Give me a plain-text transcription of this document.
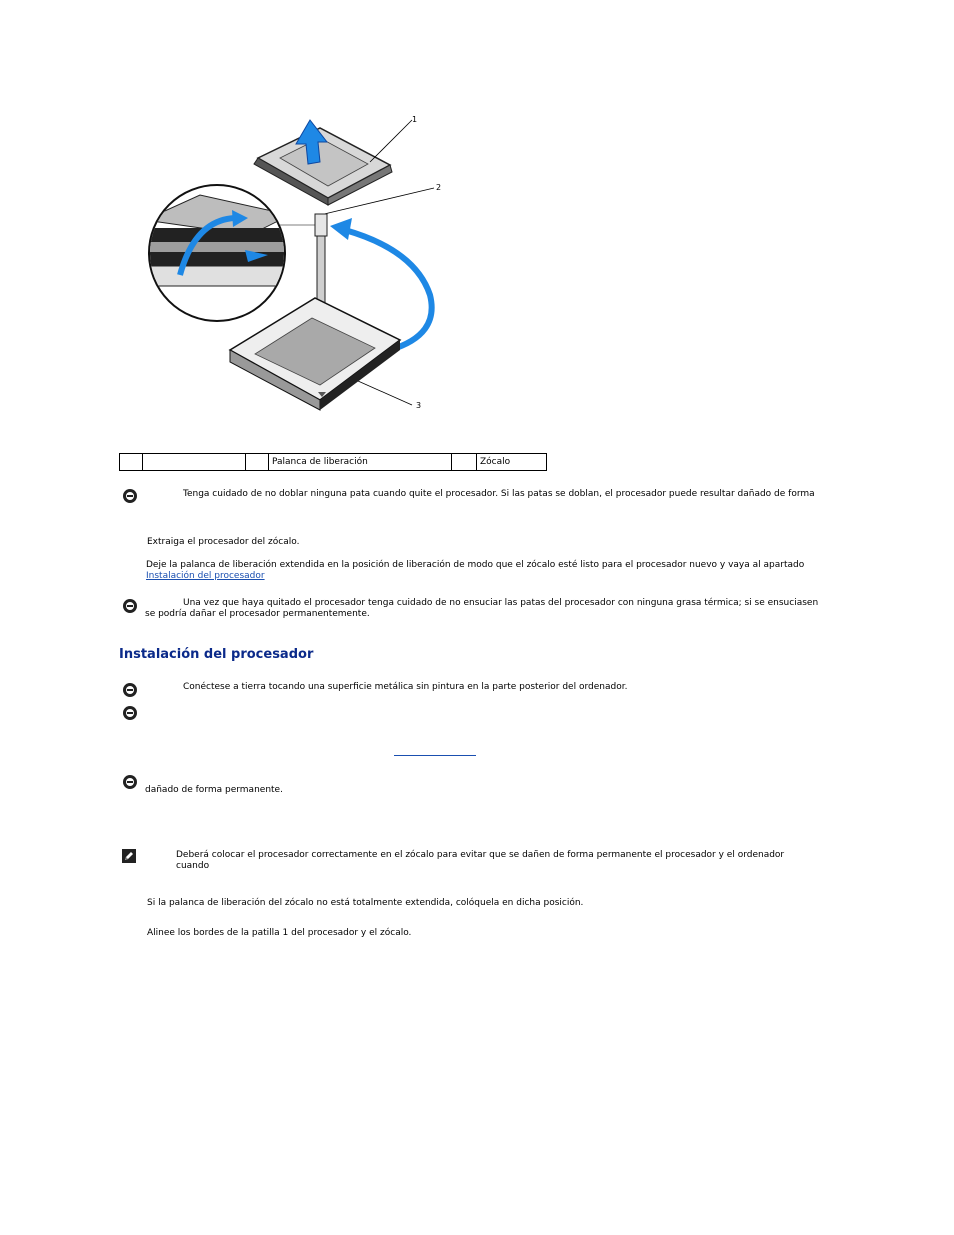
1
2
3
			Palanca de liberación		Zócalo
Tenga cuidado de no doblar ninguna pata cuando quite el procesador. Si las patas se doblan, el procesador puede resultar dañado de forma
Extraiga el procesador del zócalo.
Deje la palanca de liberación extendida en la posición de liberación de modo que el zócalo esté listo para el procesador nuevo y vaya al apartado
Instalación del procesador
Una vez que haya quitado el procesador tenga cuidado de no ensuciar las patas del procesador con ninguna grasa térmica; si se ensuciasen
se podría dañar el procesador permanentemente.
Instalación del procesador
Conéctese a tierra tocando una superficie metálica sin pintura en la parte posterior del ordenador.
dañado de forma permanente.
Deberá colocar el procesador correctamente en el zócalo para evitar que se dañen de forma permanente el procesador y el ordenador cuando
Si la palanca de liberación del zócalo no está totalmente extendida, colóquela en dicha posición.
Alinee los bordes de la patilla 1 del procesador y el zócalo.
